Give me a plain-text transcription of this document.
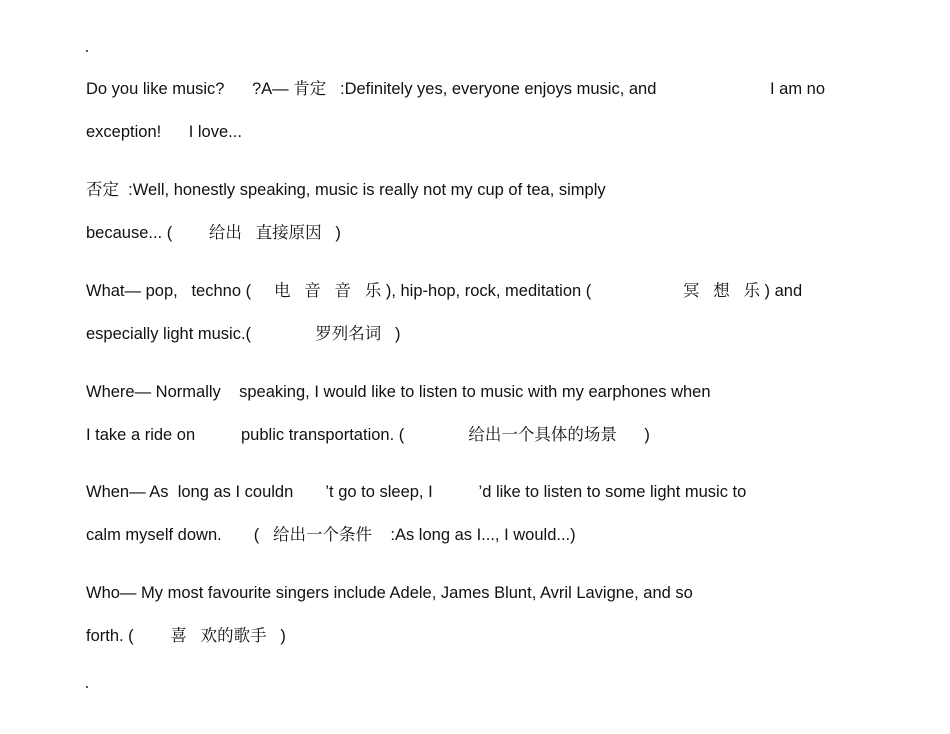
Do you like music?      ?A— 肯定   :Definitely yes, everyone enjoys music, and	I am no
exception!      I love...
否定  :Well, honestly speaking, music is really not my cup of tea, simply
because... (        给出   直接原因   )
What— pop,   techno (     电   音   音   乐 ), hip-hop, rock, meditation (                    冥   想   乐 ) and
especially light music.(              罗列名词   )
Where— Normally    speaking, I would like to listen to music with my earphones when
I take a ride on          public transportation. (              给出一个具体的场景      )
When— As  long as I couldn       ’t go to sleep, I          ’d like to listen to some light music to
calm myself down.       (   给出一个条件    :As long as I..., I would...)
Who— My most favourite singers include Adele, James Blunt, Avril Lavigne, and so
forth. (        喜   欢的歌手   )
